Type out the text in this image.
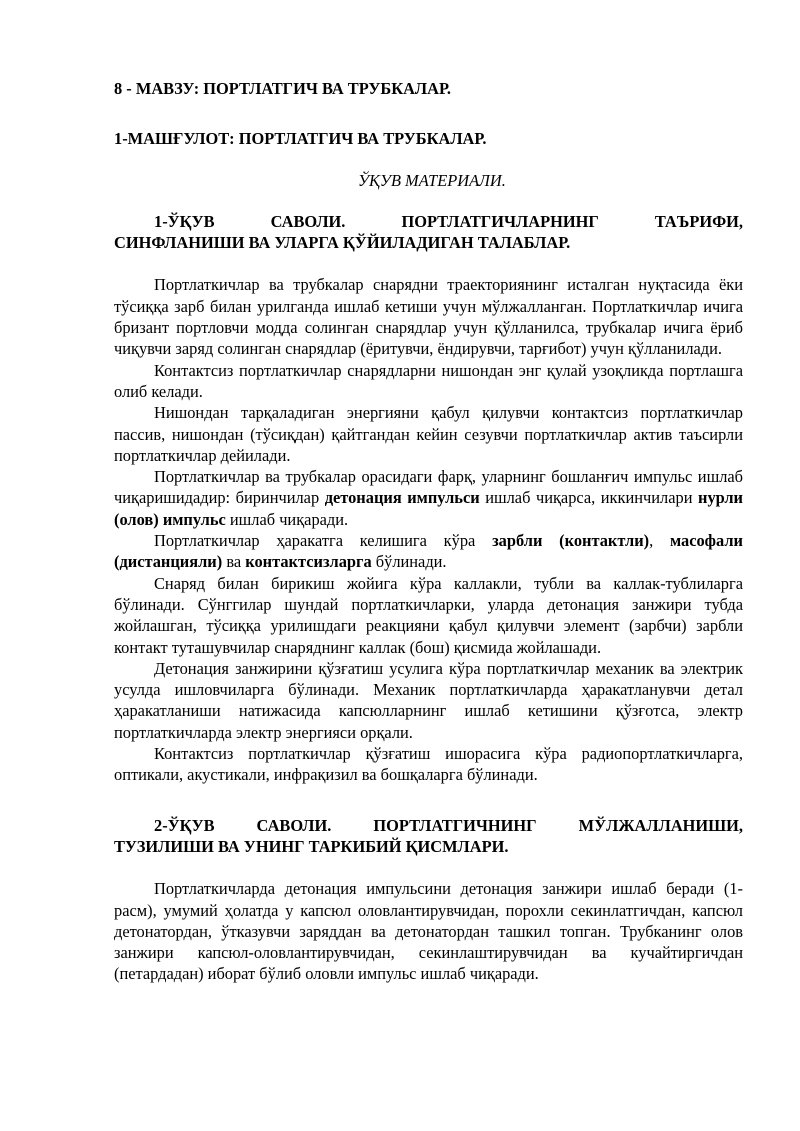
8 - МАВЗУ: ПОРТЛАТГИЧ ВА ТРУБКАЛАР.

1-МАШҒУЛОТ: ПОРТЛАТГИЧ ВА ТРУБКАЛАР.

ЎҚУВ МАТЕРИАЛИ.

1-ЎҚУВ САВОЛИ. ПОРТЛАТГИЧЛАРНИНГ ТАЪРИФИ,
СИНФЛАНИШИ ВА УЛАРГА ҚЎЙИЛАДИГАН ТАЛАБЛАР.

Портлаткичлар ва трубкалар снарядни траекториянинг исталган нуқтасида ёки тўсиққа зарб билан урилганда ишлаб кетиши учун мўлжалланган. Портлаткичлар ичига бризант портловчи модда солинган снарядлар учун қўлланилса, трубкалар ичига ёриб чиқувчи заряд солинган снарядлар (ёритувчи, ёндирувчи, тарғибот) учун қўлланилади.

Контактсиз портлаткичлар снарядларни нишондан энг қулай узоқликда портлашга олиб келади.

Нишондан тарқаладиган энергияни қабул қилувчи контактсиз портлаткичлар пассив, нишондан (тўсиқдан) қайтгандан кейин сезувчи портлаткичлар актив таъсирли портлаткичлар дейилади.

Портлаткичлар ва трубкалар орасидаги фарқ, уларнинг бошланғич импульс ишлаб чиқаришидадир: биринчилар детонация импульси ишлаб чиқарса, иккинчилари нурли (олов) импульс ишлаб чиқаради.

Портлаткичлар ҳаракатга келишига кўра зарбли (контактли), масофали (дистанцияли) ва контактсизларга бўлинади.

Снаряд билан бирикиш жойига кўра каллакли, тубли ва каллак-тублиларга бўлинади. Сўнггилар шундай портлаткичларки, уларда детонация занжири тубда жойлашган, тўсиққа урилишдаги реакцияни қабул қилувчи элемент (зарбчи) зарбли контакт туташувчилар снаряднинг каллак (бош) қисмида жойлашади.

Детонация занжирини қўзғатиш усулига кўра портлаткичлар механик ва электрик усулда ишловчиларга бўлинади. Механик портлаткичларда ҳаракатланувчи детал ҳаракатланиши натижасида капсюлларнинг ишлаб кетишини қўзғотса, электр портлаткичларда электр энергияси орқали.

Контактсиз портлаткичлар қўзғатиш ишорасига кўра радиопортлаткичларга, оптикали, акустикали, инфрақизил ва бошқаларга бўлинади.

2-ЎҚУВ САВОЛИ. ПОРТЛАТГИЧНИНГ МЎЛЖАЛЛАНИШИ,
ТУЗИЛИШИ ВА УНИНГ ТАРКИБИЙ ҚИСМЛАРИ.

Портлаткичларда детонация импульсини детонация занжири ишлаб беради (1-расм), умумий ҳолатда у капсюл оловлантирувчидан, порохли секинлатгичдан, капсюл детонатордан, ўтказувчи заряддан ва детонатордан ташкил топган. Трубканинг олов занжири капсюл-оловлантирувчидан, секинлаштирувчидан ва кучайтиргичдан (петардадан) иборат бўлиб оловли импульс ишлаб чиқаради.
